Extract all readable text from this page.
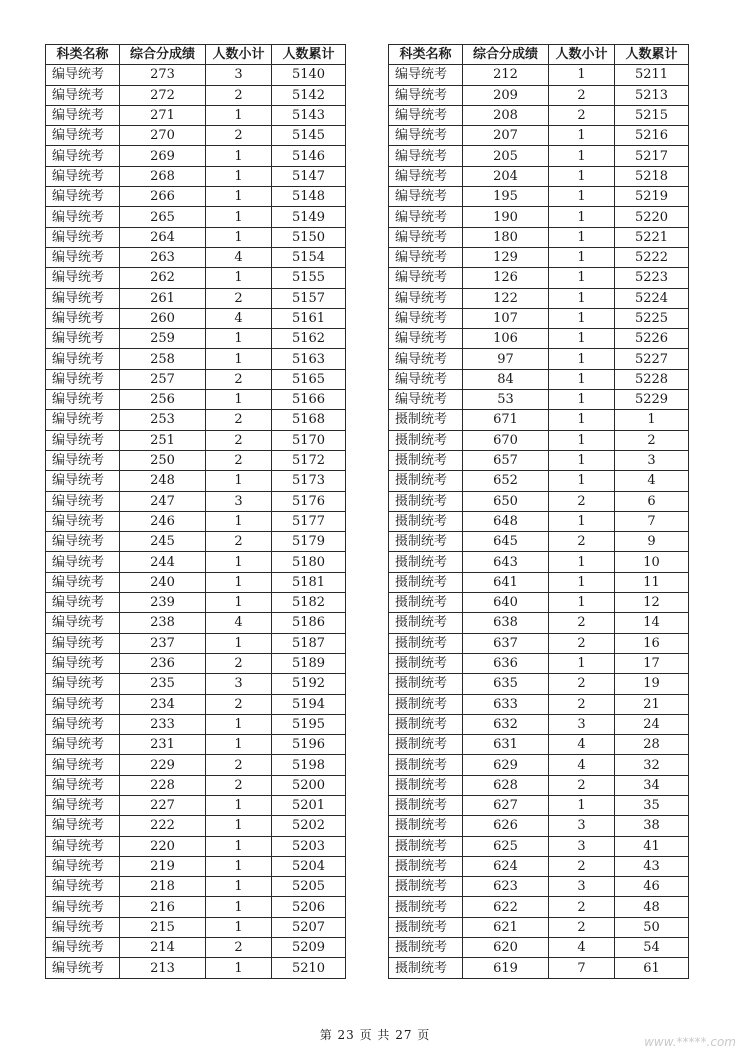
科类名称	综合分成绩	人数小计	人数累计
编导统考	273	3	5140
编导统考	272	2	5142
编导统考	271	1	5143
编导统考	270	2	5145
编导统考	269	1	5146
编导统考	268	1	5147
编导统考	266	1	5148
编导统考	265	1	5149
编导统考	264	1	5150
编导统考	263	4	5154
编导统考	262	1	5155
编导统考	261	2	5157
编导统考	260	4	5161
编导统考	259	1	5162
编导统考	258	1	5163
编导统考	257	2	5165
编导统考	256	1	5166
编导统考	253	2	5168
编导统考	251	2	5170
编导统考	250	2	5172
编导统考	248	1	5173
编导统考	247	3	5176
编导统考	246	1	5177
编导统考	245	2	5179
编导统考	244	1	5180
编导统考	240	1	5181
编导统考	239	1	5182
编导统考	238	4	5186
编导统考	237	1	5187
编导统考	236	2	5189
编导统考	235	3	5192
编导统考	234	2	5194
编导统考	233	1	5195
编导统考	231	1	5196
编导统考	229	2	5198
编导统考	228	2	5200
编导统考	227	1	5201
编导统考	222	1	5202
编导统考	220	1	5203
编导统考	219	1	5204
编导统考	218	1	5205
编导统考	216	1	5206
编导统考	215	1	5207
编导统考	214	2	5209
编导统考	213	1	5210
科类名称	综合分成绩	人数小计	人数累计
编导统考	212	1	5211
编导统考	209	2	5213
编导统考	208	2	5215
编导统考	207	1	5216
编导统考	205	1	5217
编导统考	204	1	5218
编导统考	195	1	5219
编导统考	190	1	5220
编导统考	180	1	5221
编导统考	129	1	5222
编导统考	126	1	5223
编导统考	122	1	5224
编导统考	107	1	5225
编导统考	106	1	5226
编导统考	97	1	5227
编导统考	84	1	5228
编导统考	53	1	5229
摄制统考	671	1	1
摄制统考	670	1	2
摄制统考	657	1	3
摄制统考	652	1	4
摄制统考	650	2	6
摄制统考	648	1	7
摄制统考	645	2	9
摄制统考	643	1	10
摄制统考	641	1	11
摄制统考	640	1	12
摄制统考	638	2	14
摄制统考	637	2	16
摄制统考	636	1	17
摄制统考	635	2	19
摄制统考	633	2	21
摄制统考	632	3	24
摄制统考	631	4	28
摄制统考	629	4	32
摄制统考	628	2	34
摄制统考	627	1	35
摄制统考	626	3	38
摄制统考	625	3	41
摄制统考	624	2	43
摄制统考	623	3	46
摄制统考	622	2	48
摄制统考	621	2	50
摄制统考	620	4	54
摄制统考	619	7	61
第 23 页 共 27 页	www.*****.com
